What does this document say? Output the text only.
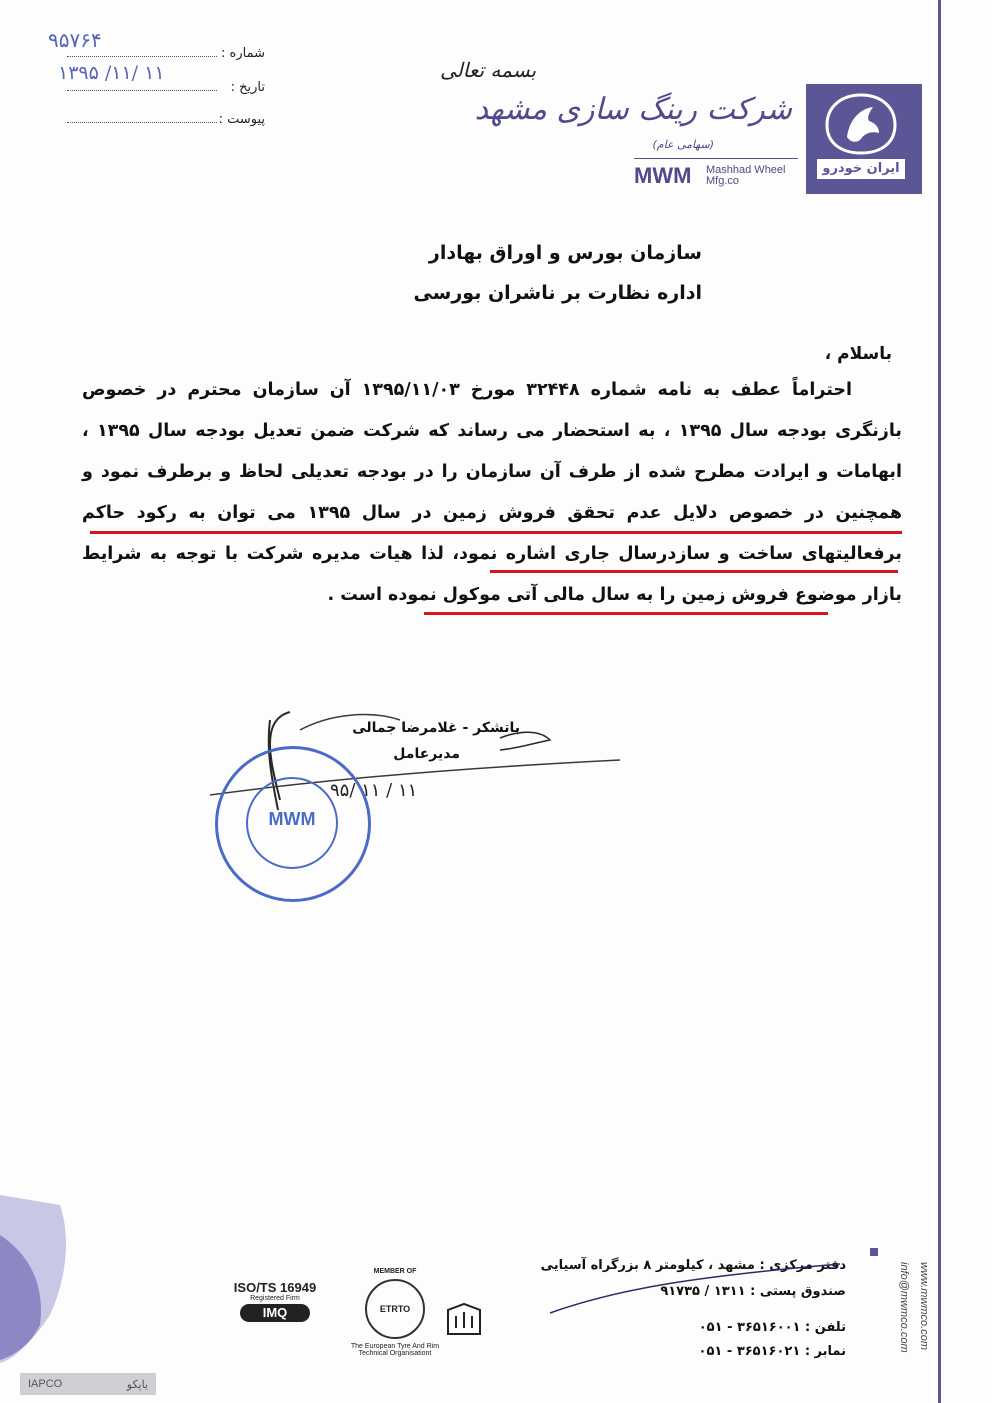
شماره :
۹۵۷۶۴
تاریخ :
۱۳۹۵ /۱۱/ ۱۱
پیوست :
بسمه تعالی
شرکت رینگ سازی مشهد
(سهامی عام)
MWM Mashhad Wheel
Mfg.co
ایران خودرو
سازمان بورس و اوراق بهادار
اداره نظارت بر ناشران بورسی
باسلام ،

احتراماً عطف به نامه شماره ۳۲۴۴۸ مورخ ۱۳۹۵/۱۱/۰۳ آن سازمان محترم در خصوص بازنگری بودجه سال ۱۳۹۵ ، به استحضار می رساند که شرکت ضمن تعدیل بودجه سال ۱۳۹۵ ، ابهامات و ایرادت مطرح شده از طرف آن سازمان را در بودجه تعدیلی لحاظ و برطرف نمود و همچنین در خصوص دلایل عدم تحقق فروش زمین در سال ۱۳۹۵ می توان به رکود حاکم برفعالیتهای ساخت و سازدرسال جاری اشاره نمود، لذا هیات مدیره شرکت با توجه به شرایط بازار موضوع فروش زمین را به سال مالی آتی موکول نموده است .

باتشکر - غلامرضا جمالی
مدیرعامل
۹۵/ ۱۱ / ۱۱
MWM
ISO/TS 16949
Registered Firm
IMQ
MEMBER OF
ETRTO
The European Tyre And Rim
Technical Organisationt
دفتر مرکزی : مشهد ، کیلومتر ۸ بزرگراه آسیایی
صندوق پستی : ۱۳۱۱ / ۹۱۷۳۵
تلفن : ۳۶۵۱۶۰۰۱ - ۰۵۱
نمابر : ۳۶۵۱۶۰۲۱ - ۰۵۱
www.mwmco.com
info@mwmco.com
IAPCO	یاپکو
